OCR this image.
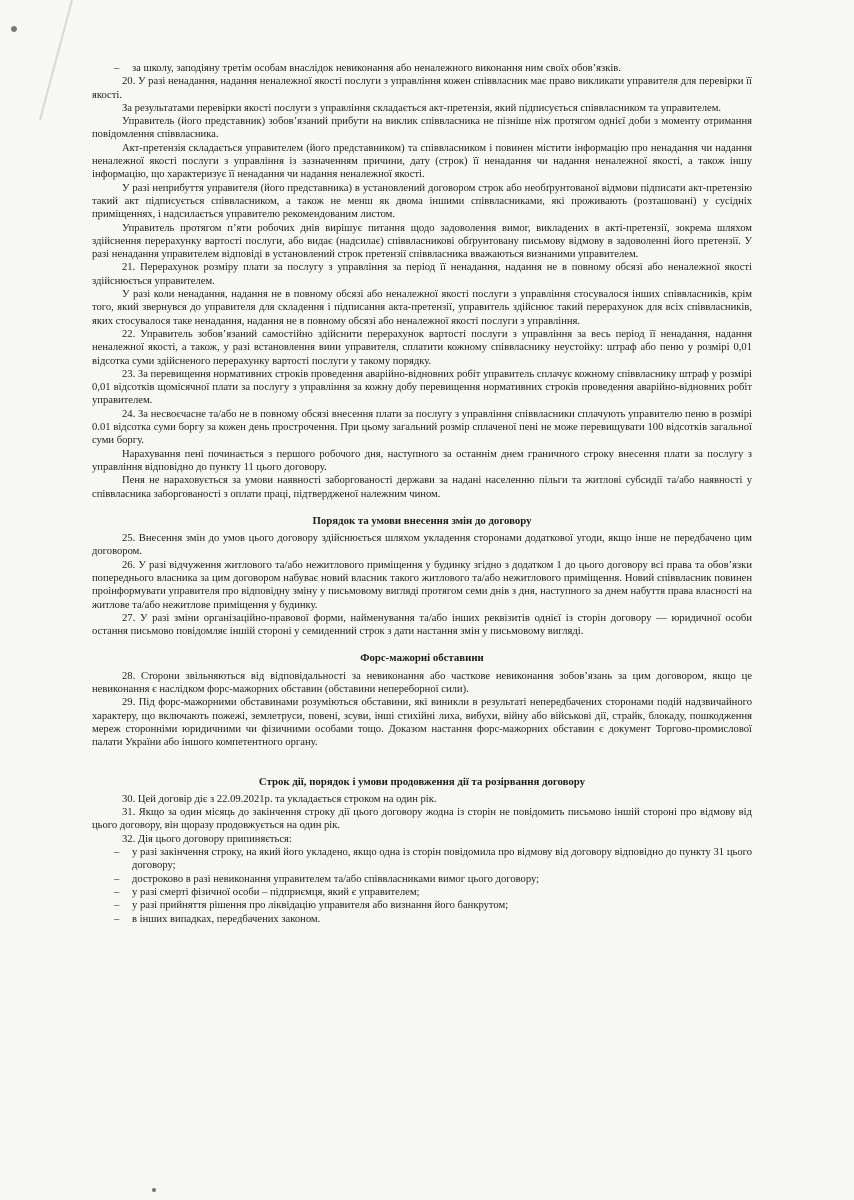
– за школу, заподіяну третім особам внаслідок невиконання або неналежного виконання ним своїх обов’язків.

20. У разі ненадання, надання неналежної якості послуги з управління кожен співвласник має право викликати управителя для перевірки її якості.

За результатами перевірки якості послуги з управління складається акт-претензія, який підписується співвласником та управителем.

Управитель (його представник) зобов’язаний прибути на виклик співвласника не пізніше ніж протягом однієї доби з моменту отримання повідомлення співвласника.

Акт-претензія складається управителем (його представником) та співвласником і повинен містити інформацію про ненадання чи надання неналежної якості послуги з управління із зазначенням причини, дату (строк) її ненадання чи надання неналежної якості, а також іншу інформацію, що характеризує її ненадання чи надання неналежної якості.

У разі неприбуття управителя (його представника) в установлений договором строк або необґрунтованої відмови підписати акт-претензію такий акт підписується співвласником, а також не менш як двома іншими співвласниками, які проживають (розташовані) у сусідніх приміщеннях, і надсилається управителю рекомендованим листом.

Управитель протягом п’яти робочих днів вирішує питання щодо задоволення вимог, викладених в акті-претензії, зокрема шляхом здійснення перерахунку вартості послуги, або видає (надсилає) співвласникові обґрунтовану письмову відмову в задоволенні його претензії. У разі ненадання управителем відповіді в установлений строк претензії співвласника вважаються визнаними управителем.

21. Перерахунок розміру плати за послугу з управління за період її ненадання, надання не в повному обсязі або неналежної якості здійснюється управителем.

У разі коли ненадання, надання не в повному обсязі або неналежної якості послуги з управління стосувалося інших співвласників, крім того, який звернувся до управителя для складення і підписання акта-претензії, управитель здійснює такий перерахунок для всіх співвласників, яких стосувалося таке ненадання, надання не в повному обсязі або неналежної якості послуги з управління.

22. Управитель зобов’язаний самостійно здійснити перерахунок вартості послуги з управління за весь період її ненадання, надання неналежної якості, а також, у разі встановлення вини управителя, сплатити кожному співвласнику неустойку: штраф або пеню у розмірі 0,01 відсотка суми здійсненого перерахунку вартості послуги у такому порядку.

23. За перевищення нормативних строків проведення аварійно-відновних робіт управитель сплачує кожному співвласнику штраф у розмірі 0,01 відсотків щомісячної плати за послугу з управління за кожну добу перевищення нормативних строків проведення аварійно-відновних робіт управителем.

24. За несвоєчасне та/або не в повному обсязі внесення плати за послугу з управління співвласники сплачують управителю пеню в розмірі 0.01 відсотка суми боргу за кожен день прострочення. При цьому загальний розмір сплаченої пені не може перевищувати 100 відсотків загальної суми боргу.

Нарахування пені починається з першого робочого дня, наступного за останнім днем граничного строку внесення плати за послугу з управління відповідно до пункту 11 цього договору.

Пеня не нараховується за умови наявності заборгованості держави за надані населенню пільги та житлові субсидії та/або наявності у співвласника заборгованості з оплати праці, підтвердженої належним чином.

Порядок та умови внесення змін до договору

25. Внесення змін до умов цього договору здійснюється шляхом укладення сторонами додаткової угоди, якщо інше не передбачено цим договором.

26. У разі відчуження житлового та/або нежитлового приміщення у будинку згідно з додатком 1 до цього договору всі права та обов’язки попереднього власника за цим договором набуває новий власник такого житлового та/або нежитлового приміщення. Новий співвласник повинен проінформувати управителя про відповідну зміну у письмовому вигляді протягом семи днів з дня, наступного за днем набуття права власності на житлове та/або нежитлове приміщення у будинку.

27. У разі зміни організаційно-правової форми, найменування та/або інших реквізитів однієї із сторін договору — юридичної особи остання письмово повідомляє іншій стороні у семиденний строк з дати настання змін у письмовому вигляді.

Форс-мажорні обставини

28. Сторони звільняються від відповідальності за невиконання або часткове невиконання зобов’язань за цим договором, якщо це невиконання є наслідком форс-мажорних обставин (обставини непереборної сили).

29. Під форс-мажорними обставинами розуміються обставини, які виникли в результаті непередбачених сторонами подій надзвичайного характеру, що включають пожежі, землетруси, повені, зсуви, інші стихійні лиха, вибухи, війну або військові дії, страйк, блокаду, пошкодження мереж сторонніми юридичними чи фізичними особами тощо. Доказом настання форс-мажорних обставин є документ Торгово-промислової палати України або іншого компетентного органу.

Строк дії, порядок і умови продовження дії та розірвання договору

30. Цей договір діє з 22.09.2021р. та укладається строком на один рік.

31. Якщо за один місяць до закінчення строку дії цього договору жодна із сторін не повідомить письмово іншій стороні про відмову від цього договору, він щоразу продовжується на один рік.

32. Дія цього договору припиняється:

– у разі закінчення строку, на який його укладено, якщо одна із сторін повідомила про відмову від договору відповідно до пункту 31 цього договору;

– достроково в разі невиконання управителем та/або співвласниками вимог цього договору;

– у разі смерті фізичної особи – підприємця, який є управителем;

– у разі прийняття рішення про ліквідацію управителя або визнання його банкрутом;

– в інших випадках, передбачених законом.
